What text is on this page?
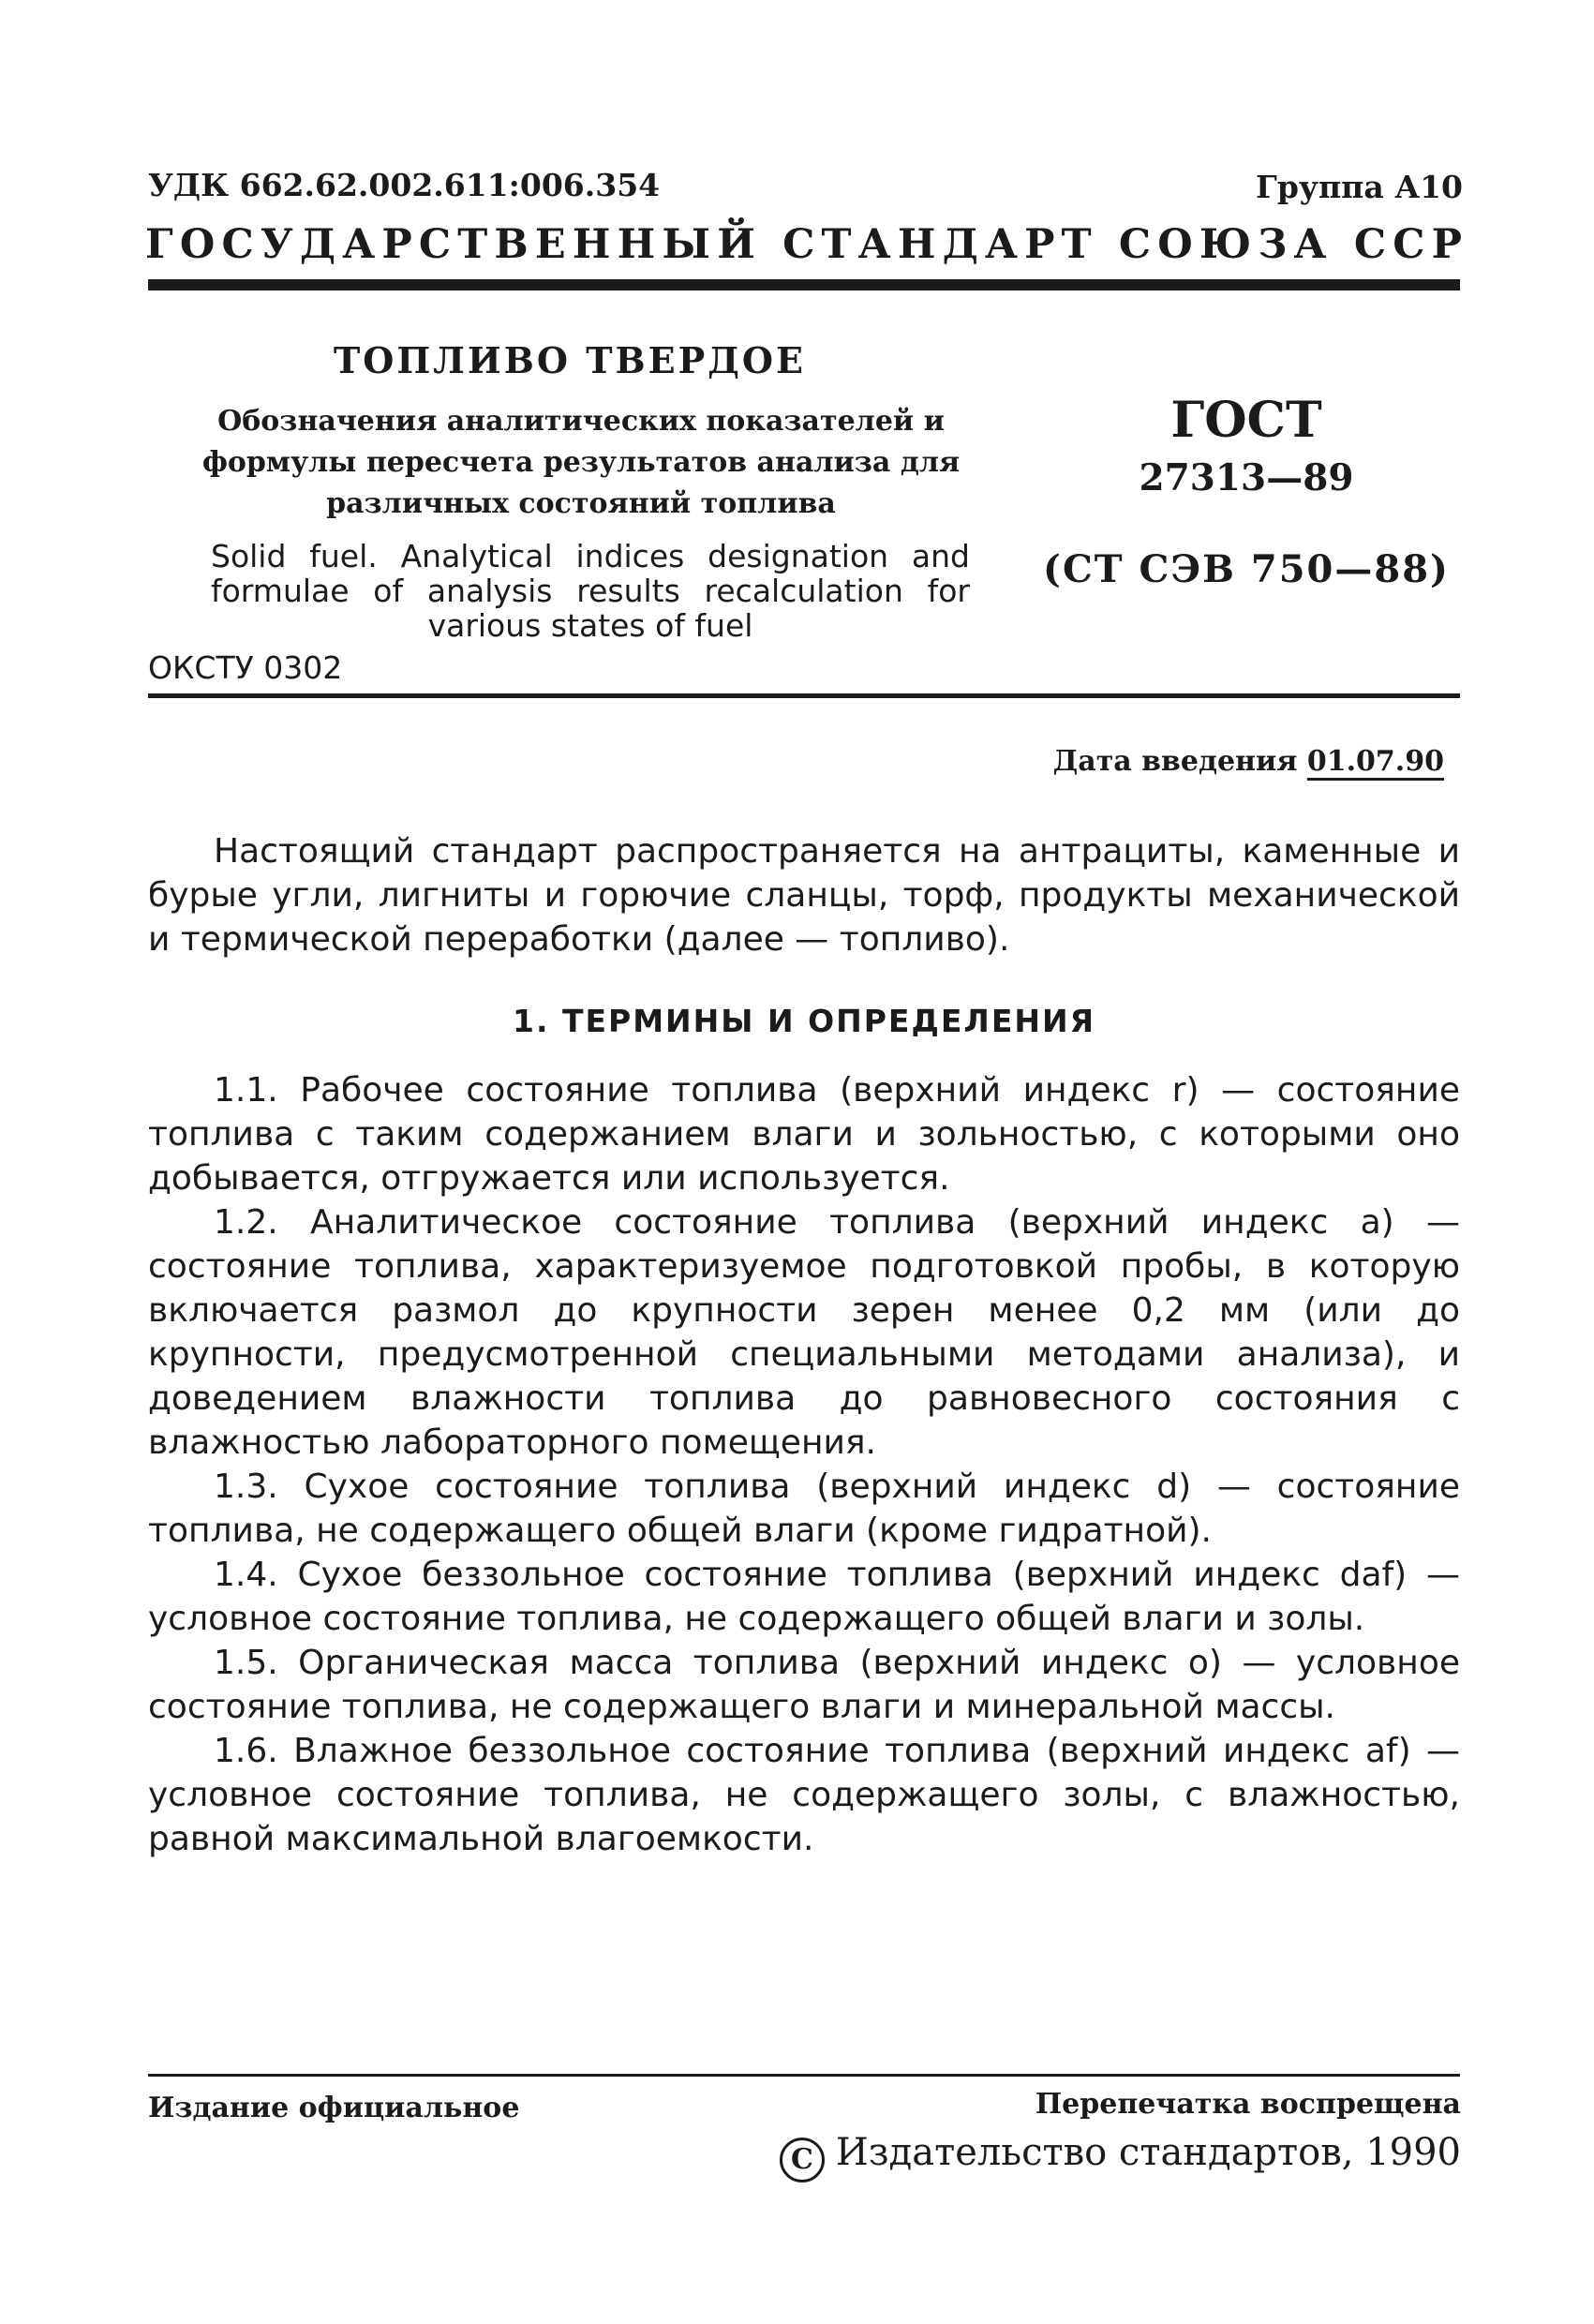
УДК 662.62.002.611:006.354	Группа А10
Г О С У Д А Р С Т В Е Н Н Ы Й
С Т А Н Д А Р Т
С О Ю З А
С С Р
ТОПЛИВО ТВЕРДОЕ
Обозначения аналитических показателей и формулы пересчета результатов анализа для различных состояний топлива
Solid fuel. Analytical indices designation and formulae of analysis results recalculation for various states of fuel
ОКСТУ 0302
ГОСТ
27313—89
(СТ СЭВ 750—88)
Дата введения 01.07.90
Настоящий стандарт распространяется на антрациты, каменные и бурые угли, лигниты и горючие сланцы, торф, продукты механической и термической переработки (далее — топливо).
1. ТЕРМИНЫ И ОПРЕДЕЛЕНИЯ

1.1. Рабочее состояние топлива (верхний индекс r) — состояние топлива с таким содержанием влаги и зольностью, с которыми оно добывается, отгружается или используется.

1.2. Аналитическое состояние топлива (верхний индекс a) — состояние топлива, характеризуемое подготовкой пробы, в которую включается размол до крупности зерен менее 0,2 мм (или до крупности, предусмотренной специальными методами анализа), и доведением влажности топлива до равновесного состояния с влажностью лабораторного помещения.

1.3. Сухое состояние топлива (верхний индекс d) — состояние топлива, не содержащего общей влаги (кроме гидратной).

1.4. Сухое беззольное состояние топлива (верхний индекс daf) — условное состояние топлива, не содержащего общей влаги и золы.

1.5. Органическая масса топлива (верхний индекс o) — условное состояние топлива, не содержащего влаги и минеральной массы.

1.6. Влажное беззольное состояние топлива (верхний индекс af) — условное состояние топлива, не содержащего золы, с влажностью, равной максимальной влагоемкости.

Издание официальное	Перепечатка воспрещена
C Издательство стандартов, 1990
